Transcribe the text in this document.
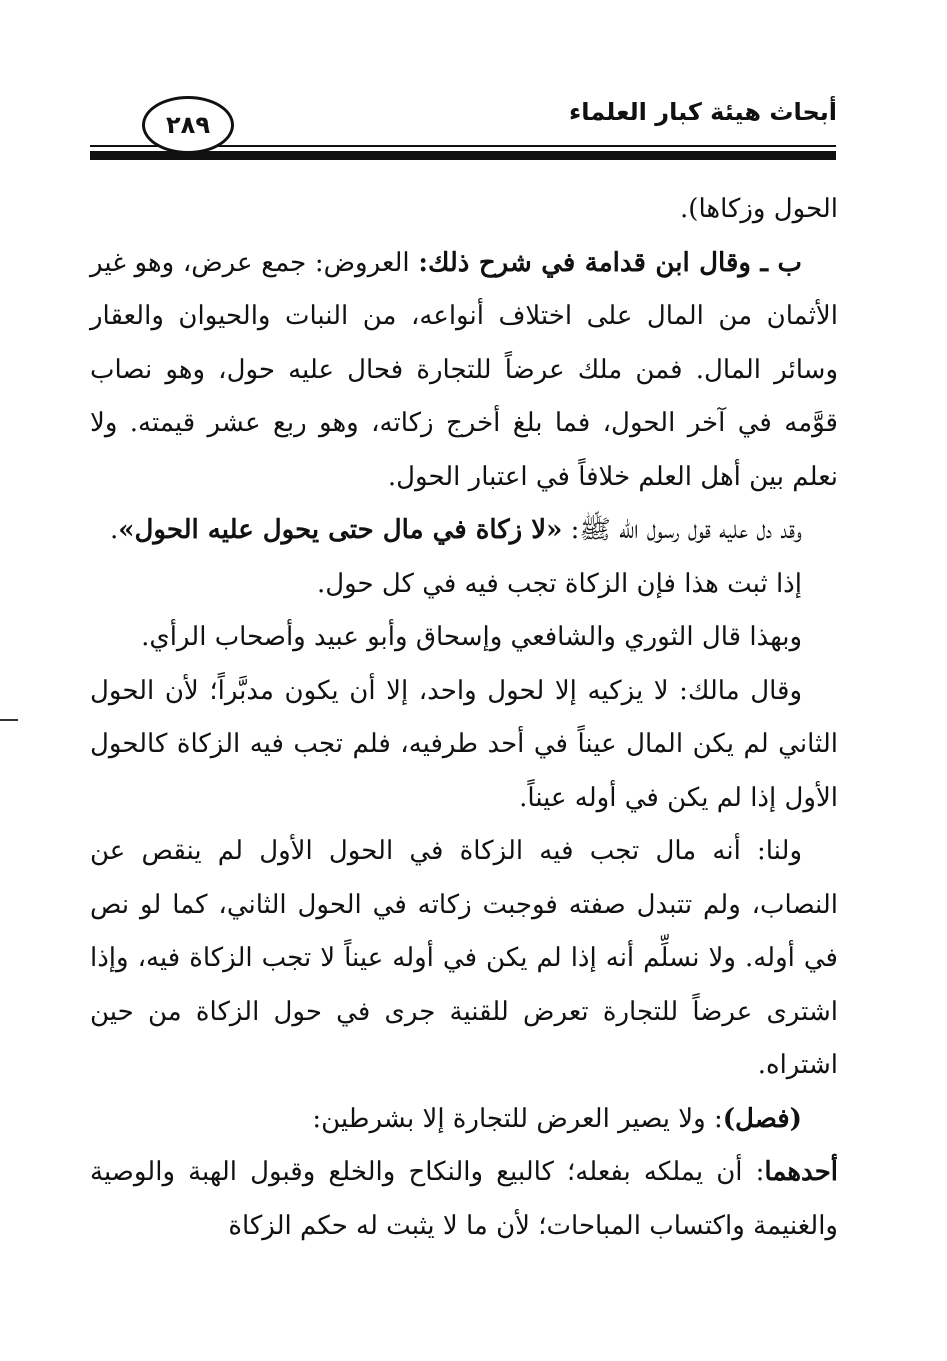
أبحاث هيئة كبار العلماء
٢٨٩

الحول وزكاها).

ب ـ وقال ابن قدامة في شرح ذلك: العروض: جمع عرض، وهو غير الأثمان من المال على اختلاف أنواعه، من النبات والحيوان والعقار وسائر المال. فمن ملك عرضاً للتجارة فحال عليه حول، وهو نصاب قوَّمه في آخر الحول، فما بلغ أخرج زكاته، وهو ربع عشر قيمته. ولا نعلم بين أهل العلم خلافاً في اعتبار الحول.

وقد دل عليه قول رسول الله ﷺ: «لا زكاة في مال حتى يحول عليه الحول».

إذا ثبت هذا فإن الزكاة تجب فيه في كل حول.

وبهذا قال الثوري والشافعي وإسحاق وأبو عبيد وأصحاب الرأي.

وقال مالك: لا يزكيه إلا لحول واحد، إلا أن يكون مدبَّراً؛ لأن الحول الثاني لم يكن المال عيناً في أحد طرفيه، فلم تجب فيه الزكاة كالحول الأول إذا لم يكن في أوله عيناً.

ولنا: أنه مال تجب فيه الزكاة في الحول الأول لم ينقص عن النصاب، ولم تتبدل صفته فوجبت زكاته في الحول الثاني، كما لو نص في أوله. ولا نسلِّم أنه إذا لم يكن في أوله عيناً لا تجب الزكاة فيه، وإذا اشترى عرضاً للتجارة تعرض للقنية جرى في حول الزكاة من حين اشتراه.

(فصل): ولا يصير العرض للتجارة إلا بشرطين:

أحدهما: أن يملكه بفعله؛ كالبيع والنكاح والخلع وقبول الهبة والوصية والغنيمة واكتساب المباحات؛ لأن ما لا يثبت له حكم الزكاة
